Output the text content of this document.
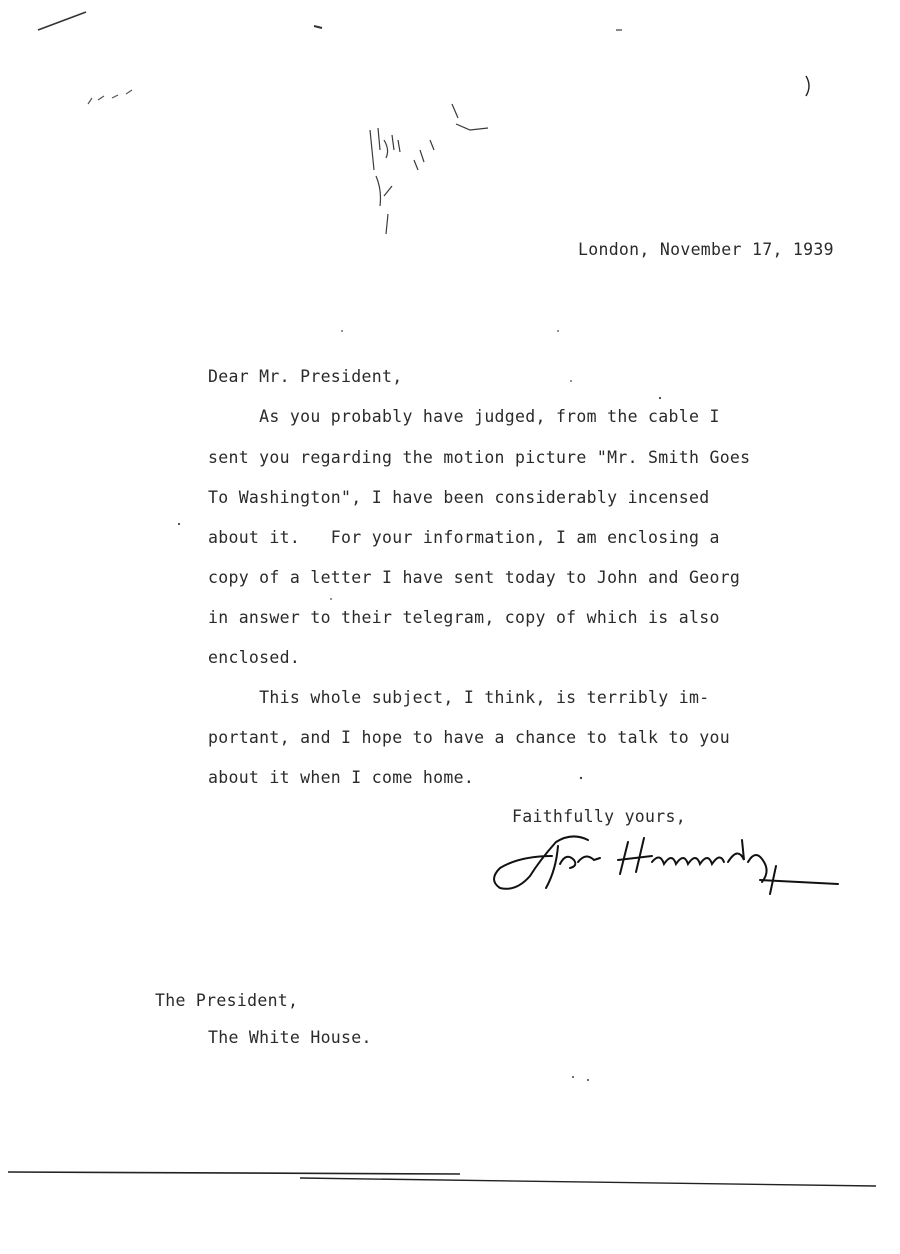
London, November 17, 1939
Dear Mr. President,
As you probably have judged, from the cable I
sent you regarding the motion picture "Mr. Smith Goes
To Washington", I have been considerably incensed
about it.   For your information, I am enclosing a
copy of a letter I have sent today to John and Georg
in answer to their telegram, copy of which is also
enclosed.
This whole subject, I think, is terribly im-
portant, and I hope to have a chance to talk to you
about it when I come home.
Faithfully yours,
The President,
The White House.
